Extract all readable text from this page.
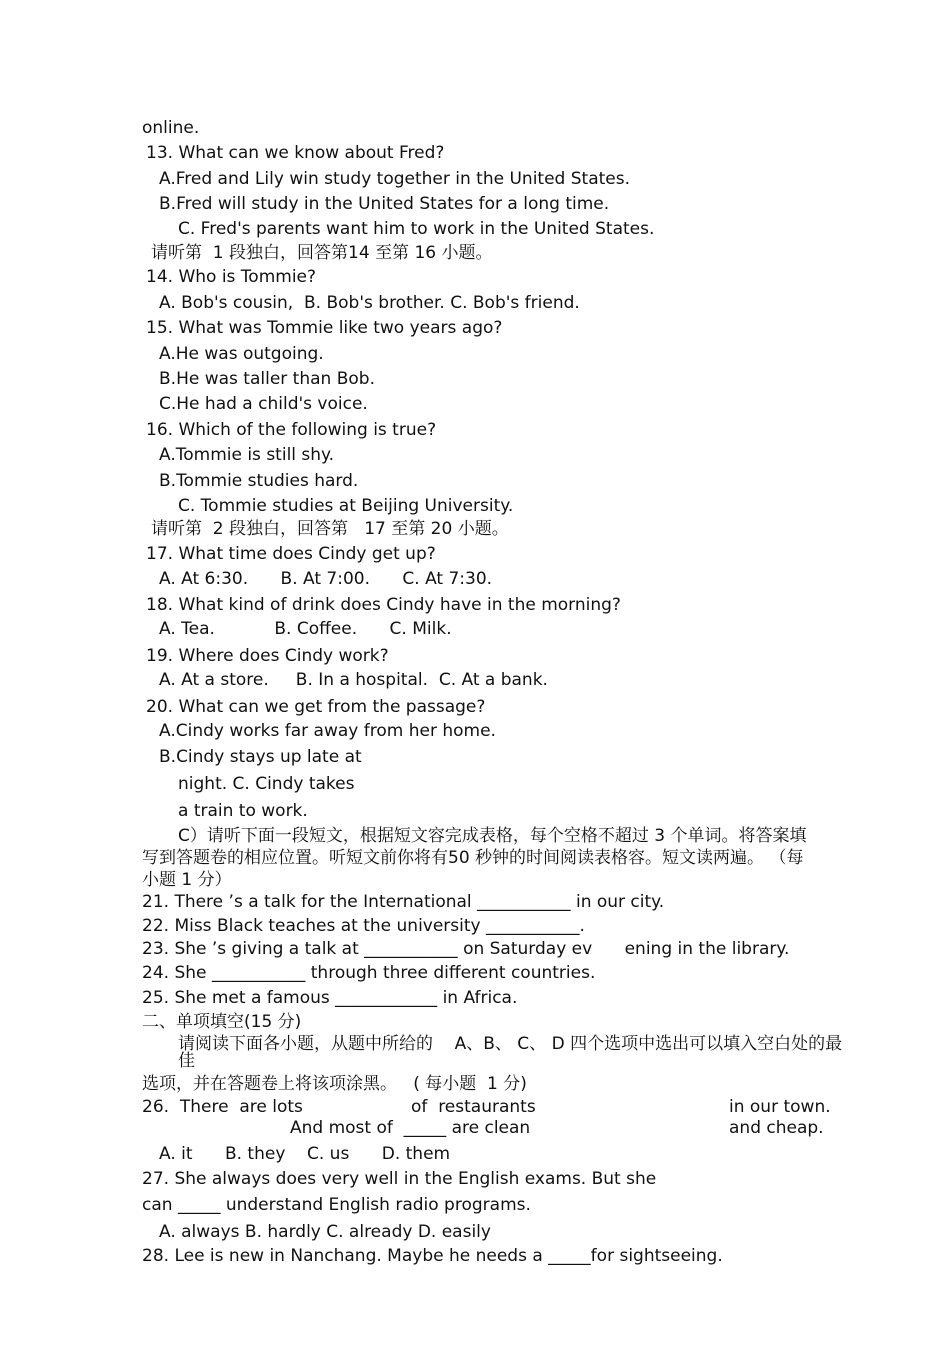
online.
13. What can we know about Fred?
A.Fred and Lily win study together in the United States.
B.Fred will study in the United States for a long time.
C. Fred's parents want him to work in the United States.
请听第  1 段独白，回答第14 至第 16 小题。
14. Who is Tommie?
A. Bob's cousin,  B. Bob's brother. C. Bob's friend.
15. What was Tommie like two years ago?
A.He was outgoing.
B.He was taller than Bob.
C.He had a child's voice.
16. Which of the following is true?
A.Tommie is still shy.
B.Tommie studies hard.
C. Tommie studies at Beijing University.
请听第  2 段独白，回答第   17 至第 20 小题。
17. What time does Cindy get up?
A. At 6:30.      B. At 7:00.      C. At 7:30.
18. What kind of drink does Cindy have in the morning?
A. Tea.           B. Coffee.      C. Milk.
19. Where does Cindy work?
A. At a store.     B. In a hospital.  C. At a bank.
20. What can we get from the passage?
A.Cindy works far away from her home.
B.Cindy stays up late at
night. C. Cindy takes
a train to work.
C）请听下面一段短文，根据短文容完成表格，每个空格不超过 3 个单词。将答案填
写到答题卷的相应位置。听短文前你将有50 秒钟的时间阅读表格容。短文读两遍。 （每
小题 1 分）
21. There ’s a talk for the International ___________ in our city.
22. Miss Black teaches at the university ___________.
23. She ’s giving a talk at ___________ on Saturday ev      ening in the library.
24. She ___________ through three different countries.
25. She met a famous ____________ in Africa.
二、单项填空(15 分)
请阅读下面各小题，从题中所给的    A、B、 C、 D 四个选项中选出可以填入空白处的最
佳
选项，并在答题卷上将该项涂黑。   ( 每小题  1 分)
26.  There  are lots	of  restaurants	in our town.
And most of  _____ are clean	and cheap.
A. it      B. they    C. us      D. them
27. She always does very well in the English exams. But she
can _____ understand English radio programs.
A. always B. hardly C. already D. easily
28. Lee is new in Nanchang. Maybe he needs a _____for sightseeing.
